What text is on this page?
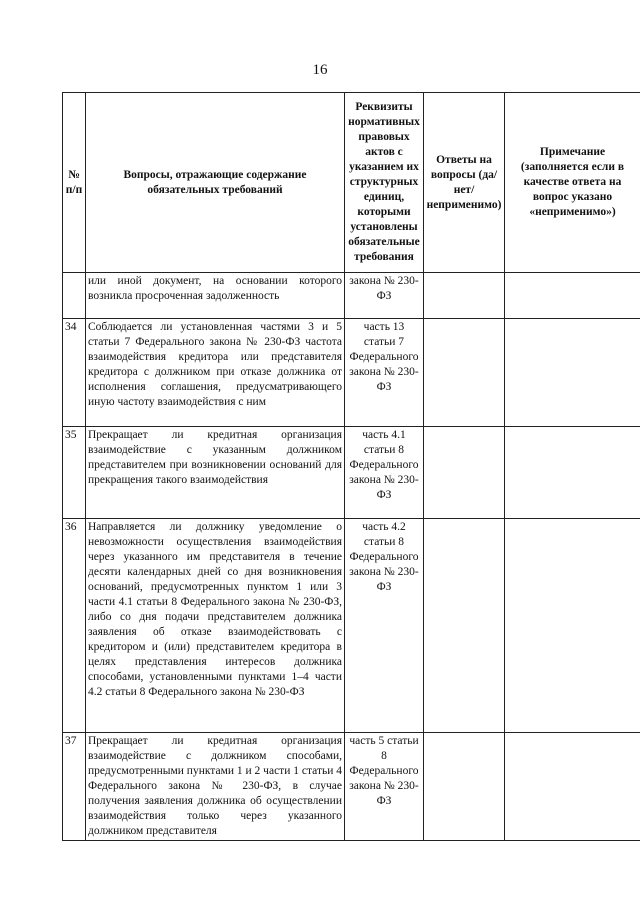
16
№ п/п	Вопросы, отражающие содержание обязательных требований	Реквизиты нормативных правовых актов с указанием их структурных единиц, которыми установлены обязательные требования	Ответы на вопросы (да/нет/ неприменимо)	Примечание (заполняется если в качестве ответа на вопрос указано «неприменимо»)
	или иной документ, на основании которого возникла просроченная задолженность	закона № 230-ФЗ		
34	Соблюдается ли установленная частями 3 и 5 статьи 7 Федерального закона № 230-ФЗ частота взаимодействия кредитора или представителя кредитора с должником при отказе должника от исполнения соглашения, предусматривающего иную частоту взаимодействия с ним	часть 13 статьи 7 Федерального закона № 230-ФЗ		
35	Прекращает ли кредитная организация взаимодействие с указанным должником представителем при возникновении оснований для прекращения такого взаимодействия	часть 4.1 статьи 8 Федерального закона № 230-ФЗ		
36	Направляется ли должнику уведомление о невозможности осуществления взаимодействия через указанного им представителя в течение десяти календарных дней со дня возникновения оснований, предусмотренных пунктом 1 или 3 части 4.1 статьи 8 Федерального закона № 230-ФЗ, либо со дня подачи представителем должника заявления об отказе взаимодействовать с кредитором и (или) представителем кредитора в целях представления интересов должника способами, установленными пунктами 1–4 части 4.2 статьи 8 Федерального закона № 230-ФЗ	часть 4.2 статьи 8 Федерального закона № 230-ФЗ		
37	Прекращает ли кредитная организация взаимодействие с должником способами, предусмотренными пунктами 1 и 2 части 1 статьи 4 Федерального закона № 230-ФЗ, в случае получения заявления должника об осуществлении взаимодействия только через указанного должником представителя	часть 5 статьи 8 Федерального закона № 230-ФЗ		
